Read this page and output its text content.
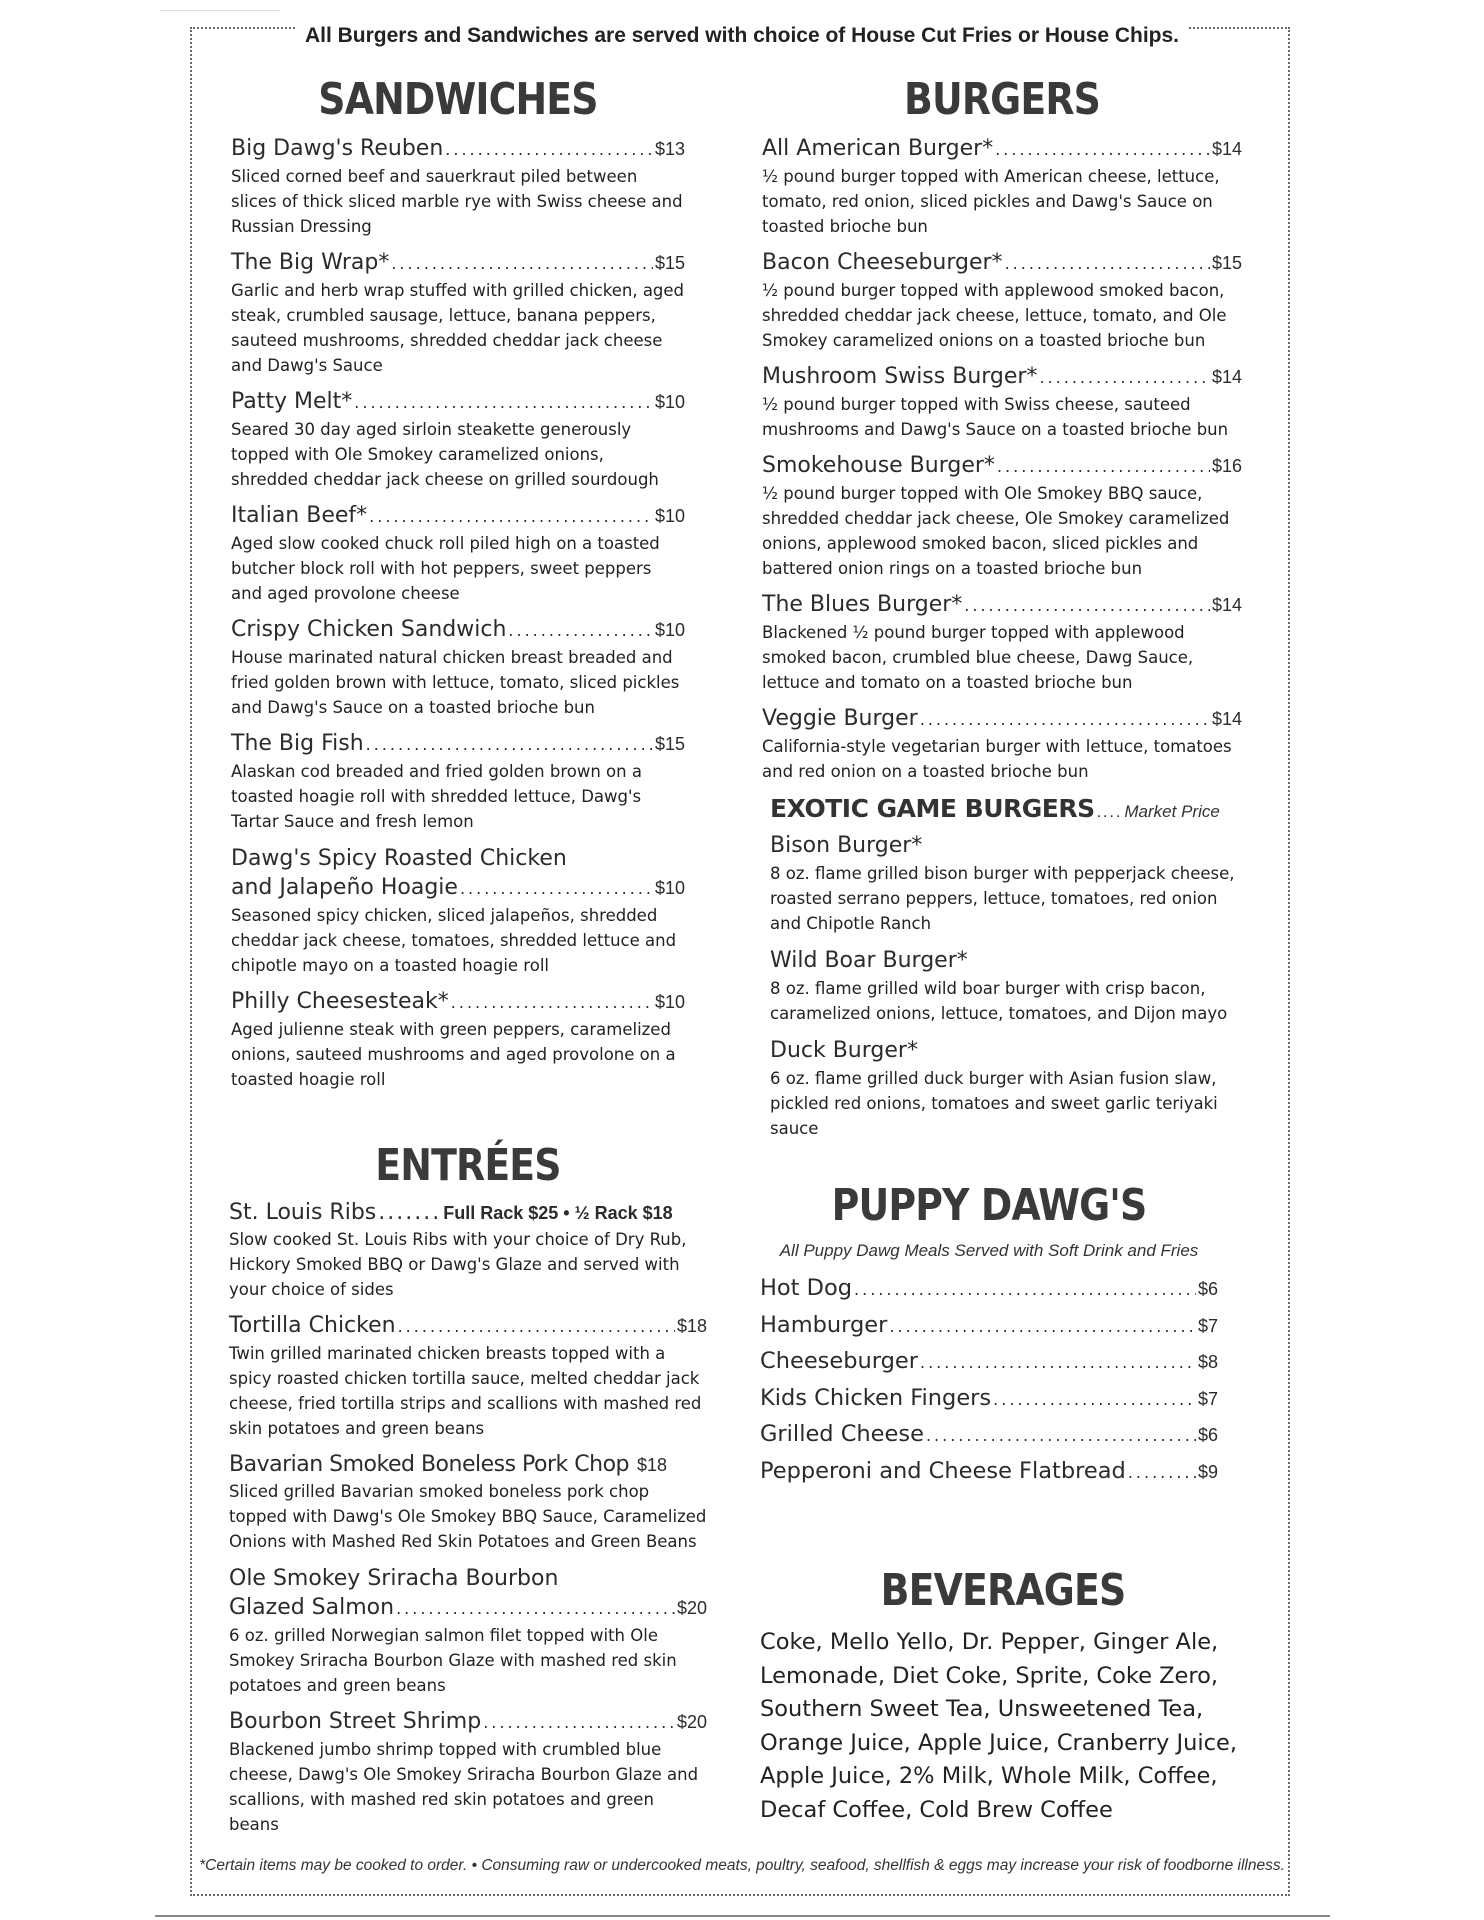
All Burgers and Sandwiches are served with choice of House Cut Fries or House Chips.
SANDWICHES
Big Dawg's Reuben .....	$13
Sliced corned beef and sauerkraut piled between slices of thick sliced marble rye with Swiss cheese and Russian Dressing
The Big Wrap* .....	$15
Garlic and herb wrap stuffed with grilled chicken, aged steak, crumbled sausage, lettuce, banana peppers, sauteed mushrooms, shredded cheddar jack cheese and Dawg's Sauce
Patty Melt* .....	$10
Seared 30 day aged sirloin steakette generously topped with Ole Smokey caramelized onions, shredded cheddar jack cheese on grilled sourdough
Italian Beef* .....	$10
Aged slow cooked chuck roll piled high on a toasted butcher block roll with hot peppers, sweet peppers and aged provolone cheese
Crispy Chicken Sandwich .....	$10
House marinated natural chicken breast breaded and fried golden brown with lettuce, tomato, sliced pickles and Dawg's Sauce on a toasted brioche bun
The Big Fish .....	$15
Alaskan cod breaded and fried golden brown on a toasted hoagie roll with shredded lettuce, Dawg's Tartar Sauce and fresh lemon
Dawg's Spicy Roasted Chicken
and Jalapeño Hoagie .....	$10
Seasoned spicy chicken, sliced jalapeños, shredded cheddar jack cheese, tomatoes, shredded lettuce and chipotle mayo on a toasted hoagie roll
Philly Cheesesteak* .....	$10
Aged julienne steak with green peppers, caramelized onions, sauteed mushrooms and aged provolone on a toasted hoagie roll
BURGERS
All American Burger* .....	$14
½ pound burger topped with American cheese, lettuce, tomato, red onion, sliced pickles and Dawg's Sauce on toasted brioche bun
Bacon Cheeseburger* .....	$15
½ pound burger topped with applewood smoked bacon, shredded cheddar jack cheese, lettuce, tomato, and Ole Smokey caramelized onions on a toasted brioche bun
Mushroom Swiss Burger* .....	$14
½ pound burger topped with Swiss cheese, sauteed mushrooms and Dawg's Sauce on a toasted brioche bun
Smokehouse Burger* .....	$16
½ pound burger topped with Ole Smokey BBQ sauce, shredded cheddar jack cheese, Ole Smokey caramelized onions, applewood smoked bacon, sliced pickles and battered onion rings on a toasted brioche bun
The Blues Burger* .....	$14
Blackened ½ pound burger topped with applewood smoked bacon, crumbled blue cheese, Dawg Sauce, lettuce and tomato on a toasted brioche bun
Veggie Burger .....	$14
California-style vegetarian burger with lettuce, tomatoes and red onion on a toasted brioche bun
EXOTIC GAME BURGERS .... Market Price
Bison Burger*
8 oz. flame grilled bison burger with pepperjack cheese, roasted serrano peppers, lettuce, tomatoes, red onion and Chipotle Ranch
Wild Boar Burger*
8 oz. flame grilled wild boar burger with crisp bacon, caramelized onions, lettuce, tomatoes, and Dijon mayo
Duck Burger*
6 oz. flame grilled duck burger with Asian fusion slaw, pickled red onions, tomatoes and sweet garlic teriyaki sauce
ENTRÉES
St. Louis Ribs ....... Full Rack $25 • ½ Rack $18
Slow cooked St. Louis Ribs with your choice of Dry Rub, Hickory Smoked BBQ or Dawg's Glaze and served with your choice of sides
Tortilla Chicken .....	$18
Twin grilled marinated chicken breasts topped with a spicy roasted chicken tortilla sauce, melted cheddar jack cheese, fried tortilla strips and scallions with mashed red skin potatoes and green beans
Bavarian Smoked Boneless Pork Chop $18
Sliced grilled Bavarian smoked boneless pork chop topped with Dawg's Ole Smokey BBQ Sauce, Caramelized Onions with Mashed Red Skin Potatoes and Green Beans
Ole Smokey Sriracha Bourbon
Glazed Salmon .....	$20
6 oz. grilled Norwegian salmon filet topped with Ole Smokey Sriracha Bourbon Glaze with mashed red skin potatoes and green beans
Bourbon Street Shrimp .....	$20
Blackened jumbo shrimp topped with crumbled blue cheese, Dawg's Ole Smokey Sriracha Bourbon Glaze and scallions, with mashed red skin potatoes and green beans
PUPPY DAWG'S
All Puppy Dawg Meals Served with Soft Drink and Fries
Hot Dog .....	$6
Hamburger .....	$7
Cheeseburger .....	$8
Kids Chicken Fingers .....	$7
Grilled Cheese .....	$6
Pepperoni and Cheese Flatbread .....	$9
BEVERAGES
Coke, Mello Yello, Dr. Pepper, Ginger Ale,
Lemonade, Diet Coke, Sprite, Coke Zero,
Southern Sweet Tea, Unsweetened Tea,
Orange Juice, Apple Juice, Cranberry Juice,
Apple Juice, 2% Milk, Whole Milk, Coffee,
Decaf Coffee, Cold Brew Coffee
*Certain items may be cooked to order. • Consuming raw or undercooked meats, poultry, seafood, shellfish & eggs may increase your risk of foodborne illness.
